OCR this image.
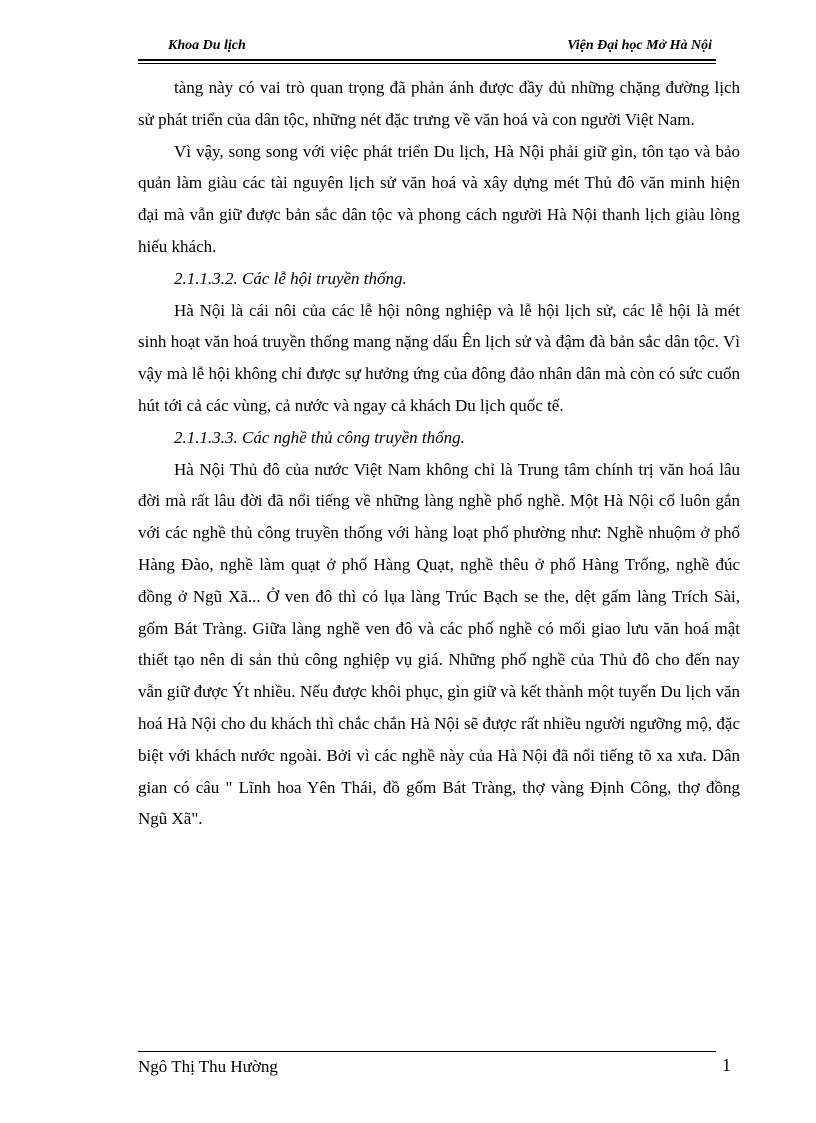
Khoa Du lịch	Viện Đại học Mở Hà Nội

tàng này có vai trò quan trọng đã phản ánh được đầy đủ những chặng đường lịch sử phát triển của dân tộc, những nét đặc trưng về văn hoá và con người Việt Nam.

Vì vậy, song song với việc phát triển Du lịch, Hà Nội phải giữ gìn, tôn tạo và bảo quản làm giàu các tài nguyên lịch sử văn hoá và xây dựng mét Thủ đô văn minh hiện đại mà vẫn giữ được bản sắc dân tộc và phong cách người Hà Nội thanh lịch giàu lòng hiếu khách.

2.1.1.3.2. Các lễ hội truyền thống.

Hà Nội là cái nôi của các lễ hội nông nghiệp và lễ hội lịch sử, các lễ hội là mét sinh hoạt văn hoá truyền thống mang nặng dấu Ên lịch sử và đậm đà bản sắc dân tộc. Vì vậy mà lễ hội không chỉ được sự hưởng ứng của đông đảo nhân dân mà còn có sức cuốn hút tới cả các vùng, cả nước và ngay cả khách Du lịch quốc tế.

2.1.1.3.3. Các nghề thủ công truyền thống.

Hà Nội Thủ đô của nước Việt Nam không chỉ là Trung tâm chính trị văn hoá lâu đời mà rất lâu đời đã nổi tiếng về những làng nghề phố nghề. Một Hà Nội cổ luôn gắn với các nghề thủ công truyền thống với hàng loạt phố phường như: Nghề nhuộm ở phố Hàng Đào, nghề làm quạt ở phố Hàng Quạt, nghề thêu ở phố Hàng Trống, nghề đúc đồng ở Ngũ Xã... Ở ven đô thì có lụa làng Trúc Bạch se the, dệt gấm làng Trích Sài, gốm Bát Tràng. Giữa làng nghề ven đô và các phố nghề có mối giao lưu văn hoá mật thiết tạo nên di sản thủ công nghiệp vụ giá. Những phố nghề của Thủ đô cho đến nay vẫn giữ được Ýt nhiều. Nếu được khôi phục, gìn giữ và kết thành một tuyến Du lịch văn hoá Hà Nội cho du khách thì chắc chắn Hà Nội sẽ được rất nhiều người ngưỡng mộ, đặc biệt với khách nước ngoài. Bởi vì các nghề này của Hà Nội đã nổi tiếng tõ xa xưa. Dân gian có câu " Lĩnh hoa Yên Thái, đồ gốm Bát Tràng, thợ vàng Định Công, thợ đồng Ngũ Xã".

Ngô Thị Thu Hường	1
